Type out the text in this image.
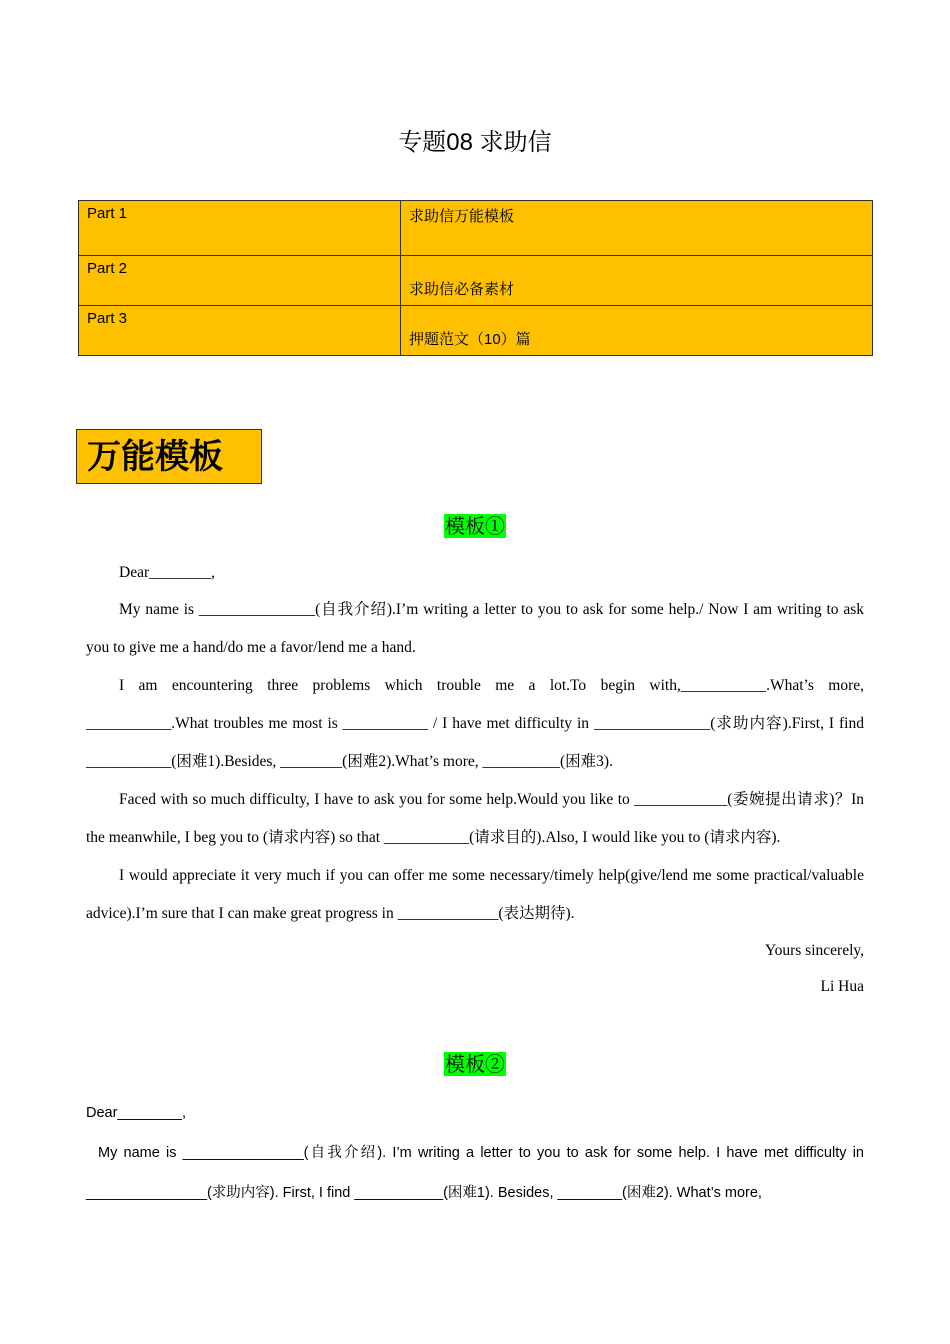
专题08 求助信
Part 1	求助信万能模板

Part 2	求助信必备素材

Part 3	押题范文（10）篇
万能模板
模板①

Dear________,

My name is _______________(自我介绍).I’m writing a letter to you to ask for some help./ Now I am writing to ask you to give me a hand/do me a favor/lend me a hand.

I am encountering three problems which trouble me a lot.To begin with,___________.What’s more, ___________.What troubles me most is ___________ / I have met difficulty in _______________(求助内容).First, I find ___________(困难1).Besides, ________(困难2).What’s more, __________(困难3).

Faced with so much difficulty, I have to ask you for some help.Would you like to ____________(委婉提出请求)？In the meanwhile, I beg you to (请求内容) so that ___________(请求目的).Also, I would like you to (请求内容).

I would appreciate it very much if you can offer me some necessary/timely help(give/lend me some practical/valuable advice).I’m sure that I can make great progress in _____________(表达期待).

Yours sincerely,

Li Hua

模板②

Dear________,

My name is _______________(自我介绍). I’m writing a letter to you to ask for some help. I have met difficulty in _______________(求助内容). First, I find ___________(困难1). Besides, ________(困难2). What’s more,
